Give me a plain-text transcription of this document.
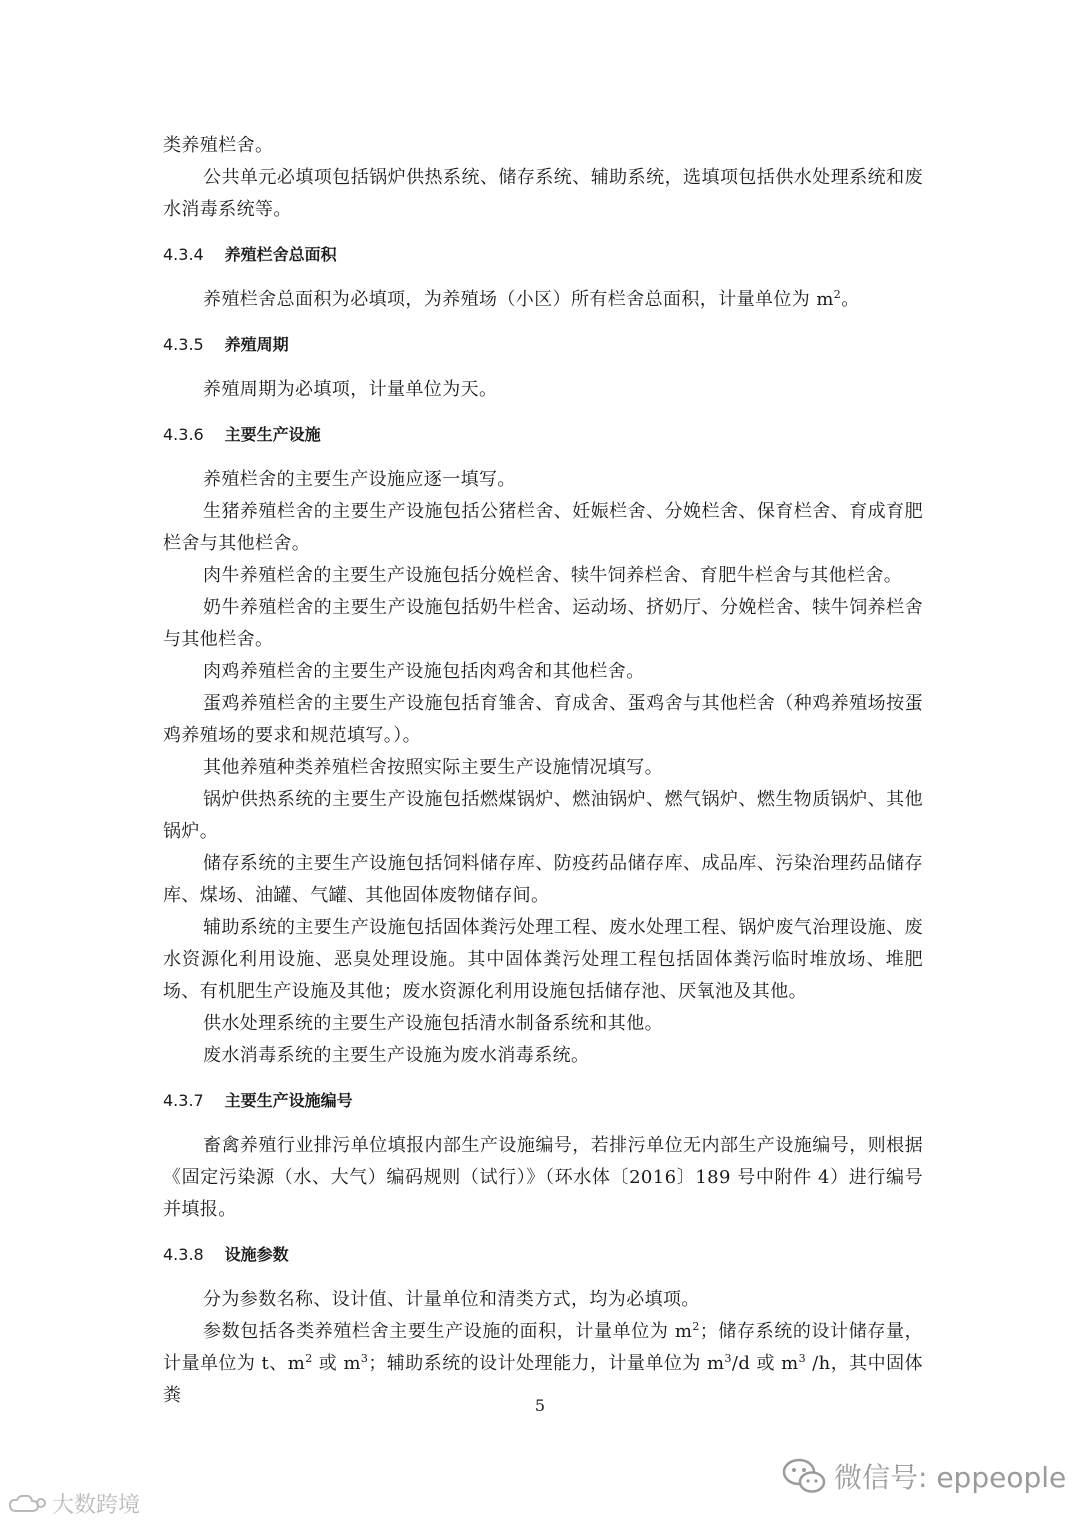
类养殖栏舍。

公共单元必填项包括锅炉供热系统、储存系统、辅助系统，选填项包括供水处理系统和废水消毒系统等。

4.3.4 养殖栏舍总面积

养殖栏舍总面积为必填项，为养殖场（小区）所有栏舍总面积，计量单位为 $m^2$。

4.3.5 养殖周期

养殖周期为必填项，计量单位为天。

4.3.6 主要生产设施

养殖栏舍的主要生产设施应逐一填写。

生猪养殖栏舍的主要生产设施包括公猪栏舍、妊娠栏舍、分娩栏舍、保育栏舍、育成育肥栏舍与其他栏舍。

肉牛养殖栏舍的主要生产设施包括分娩栏舍、犊牛饲养栏舍、育肥牛栏舍与其他栏舍。

奶牛养殖栏舍的主要生产设施包括奶牛栏舍、运动场、挤奶厅、分娩栏舍、犊牛饲养栏舍与其他栏舍。

肉鸡养殖栏舍的主要生产设施包括肉鸡舍和其他栏舍。

蛋鸡养殖栏舍的主要生产设施包括育雏舍、育成舍、蛋鸡舍与其他栏舍（种鸡养殖场按蛋鸡养殖场的要求和规范填写。）。

其他养殖种类养殖栏舍按照实际主要生产设施情况填写。

锅炉供热系统的主要生产设施包括燃煤锅炉、燃油锅炉、燃气锅炉、燃生物质锅炉、其他锅炉。

储存系统的主要生产设施包括饲料储存库、防疫药品储存库、成品库、污染治理药品储存库、煤场、油罐、气罐、其他固体废物储存间。

辅助系统的主要生产设施包括固体粪污处理工程、废水处理工程、锅炉废气治理设施、废水资源化利用设施、恶臭处理设施。其中固体粪污处理工程包括固体粪污临时堆放场、堆肥场、有机肥生产设施及其他；废水资源化利用设施包括储存池、厌氧池及其他。

供水处理系统的主要生产设施包括清水制备系统和其他。

废水消毒系统的主要生产设施为废水消毒系统。

4.3.7 主要生产设施编号

畜禽养殖行业排污单位填报内部生产设施编号，若排污单位无内部生产设施编号，则根据《固定污染源（水、大气）编码规则（试行）》（环水体〔2016〕189 号中附件 4）进行编号并填报。

4.3.8 设施参数

分为参数名称、设计值、计量单位和清类方式，均为必填项。

参数包括各类养殖栏舍主要生产设施的面积，计量单位为 $m^2$；储存系统的设计储存量，计量单位为 t、$m^2$ 或 $m^3$；辅助系统的设计处理能力，计量单位为 $m^3/d$ 或 $m^3$ /h，其中固体粪	5
大数跨境
微信号: eppeople
